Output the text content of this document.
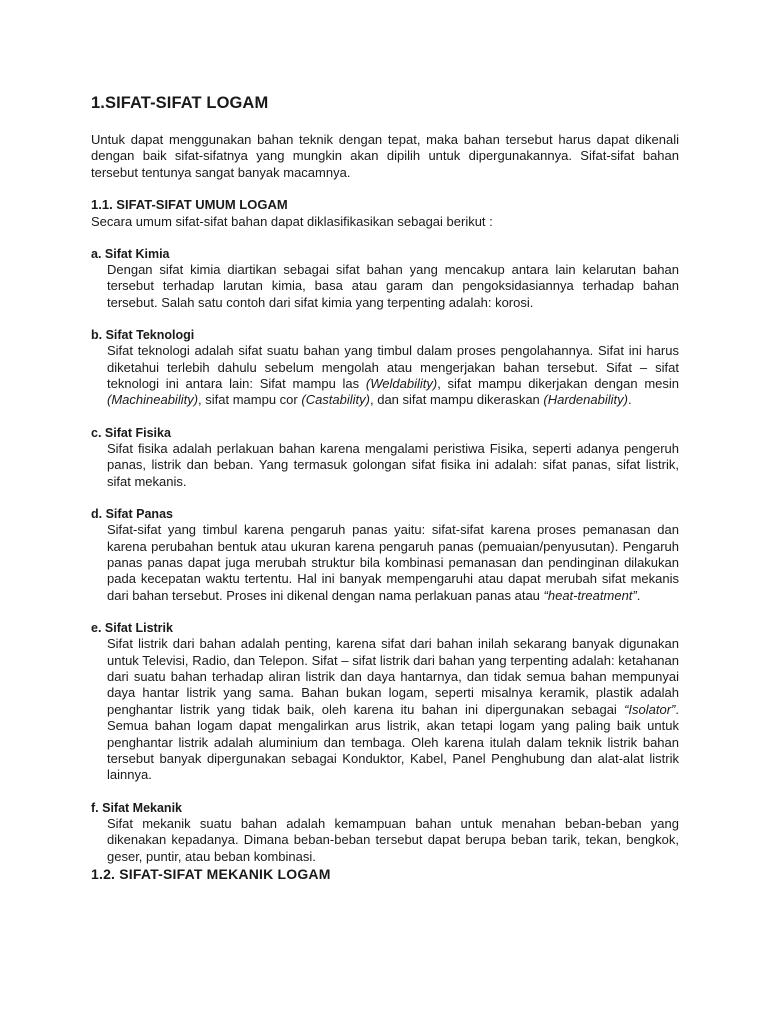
1.SIFAT-SIFAT LOGAM

Untuk dapat menggunakan bahan teknik dengan tepat, maka bahan tersebut harus dapat dikenali dengan baik sifat-sifatnya yang mungkin akan dipilih untuk dipergunakannya. Sifat-sifat bahan tersebut tentunya sangat banyak macamnya.

1.1. SIFAT-SIFAT UMUM LOGAM

Secara umum sifat-sifat bahan dapat diklasifikasikan sebagai berikut :

a. Sifat Kimia

Dengan sifat kimia diartikan sebagai sifat bahan yang mencakup antara lain kelarutan bahan tersebut terhadap larutan kimia, basa atau garam dan pengoksidasiannya terhadap bahan tersebut. Salah satu contoh dari sifat kimia yang terpenting adalah: korosi.

b. Sifat Teknologi

Sifat teknologi adalah sifat suatu bahan yang timbul dalam proses pengolahannya. Sifat ini harus diketahui terlebih dahulu sebelum mengolah atau mengerjakan bahan tersebut. Sifat – sifat teknologi ini antara lain: Sifat mampu las (Weldability), sifat mampu dikerjakan dengan mesin (Machineability), sifat mampu cor (Castability), dan sifat mampu dikeraskan (Hardenability).

c. Sifat Fisika

Sifat fisika adalah perlakuan bahan karena mengalami peristiwa Fisika, seperti adanya pengeruh panas, listrik dan beban. Yang termasuk golongan sifat fisika ini adalah: sifat panas, sifat listrik, sifat mekanis.

d. Sifat Panas

Sifat-sifat yang timbul karena pengaruh panas yaitu: sifat-sifat karena proses pemanasan dan karena perubahan bentuk atau ukuran karena pengaruh panas (pemuaian/penyusutan). Pengaruh panas panas dapat juga merubah struktur bila kombinasi pemanasan dan pendinginan dilakukan pada kecepatan waktu tertentu. Hal ini banyak mempengaruhi atau dapat merubah sifat mekanis dari bahan tersebut. Proses ini dikenal dengan nama perlakuan panas atau “heat-treatment”.

e. Sifat Listrik

Sifat listrik dari bahan adalah penting, karena sifat dari bahan inilah sekarang banyak digunakan untuk Televisi, Radio, dan Telepon. Sifat – sifat listrik dari bahan yang terpenting adalah: ketahanan dari suatu bahan terhadap aliran listrik dan daya hantarnya, dan tidak semua bahan mempunyai daya hantar listrik yang sama. Bahan bukan logam, seperti misalnya keramik, plastik adalah penghantar listrik yang tidak baik, oleh karena itu bahan ini dipergunakan sebagai “Isolator”. Semua bahan logam dapat mengalirkan arus listrik, akan tetapi logam yang paling baik untuk penghantar listrik adalah aluminium dan tembaga. Oleh karena itulah dalam teknik listrik bahan tersebut banyak dipergunakan sebagai Konduktor, Kabel, Panel Penghubung dan alat-alat listrik lainnya.

f. Sifat Mekanik

Sifat mekanik suatu bahan adalah kemampuan bahan untuk menahan beban-beban yang dikenakan kepadanya. Dimana beban-beban tersebut dapat berupa beban tarik, tekan, bengkok, geser, puntir, atau beban kombinasi.

1.2. SIFAT-SIFAT MEKANIK LOGAM
